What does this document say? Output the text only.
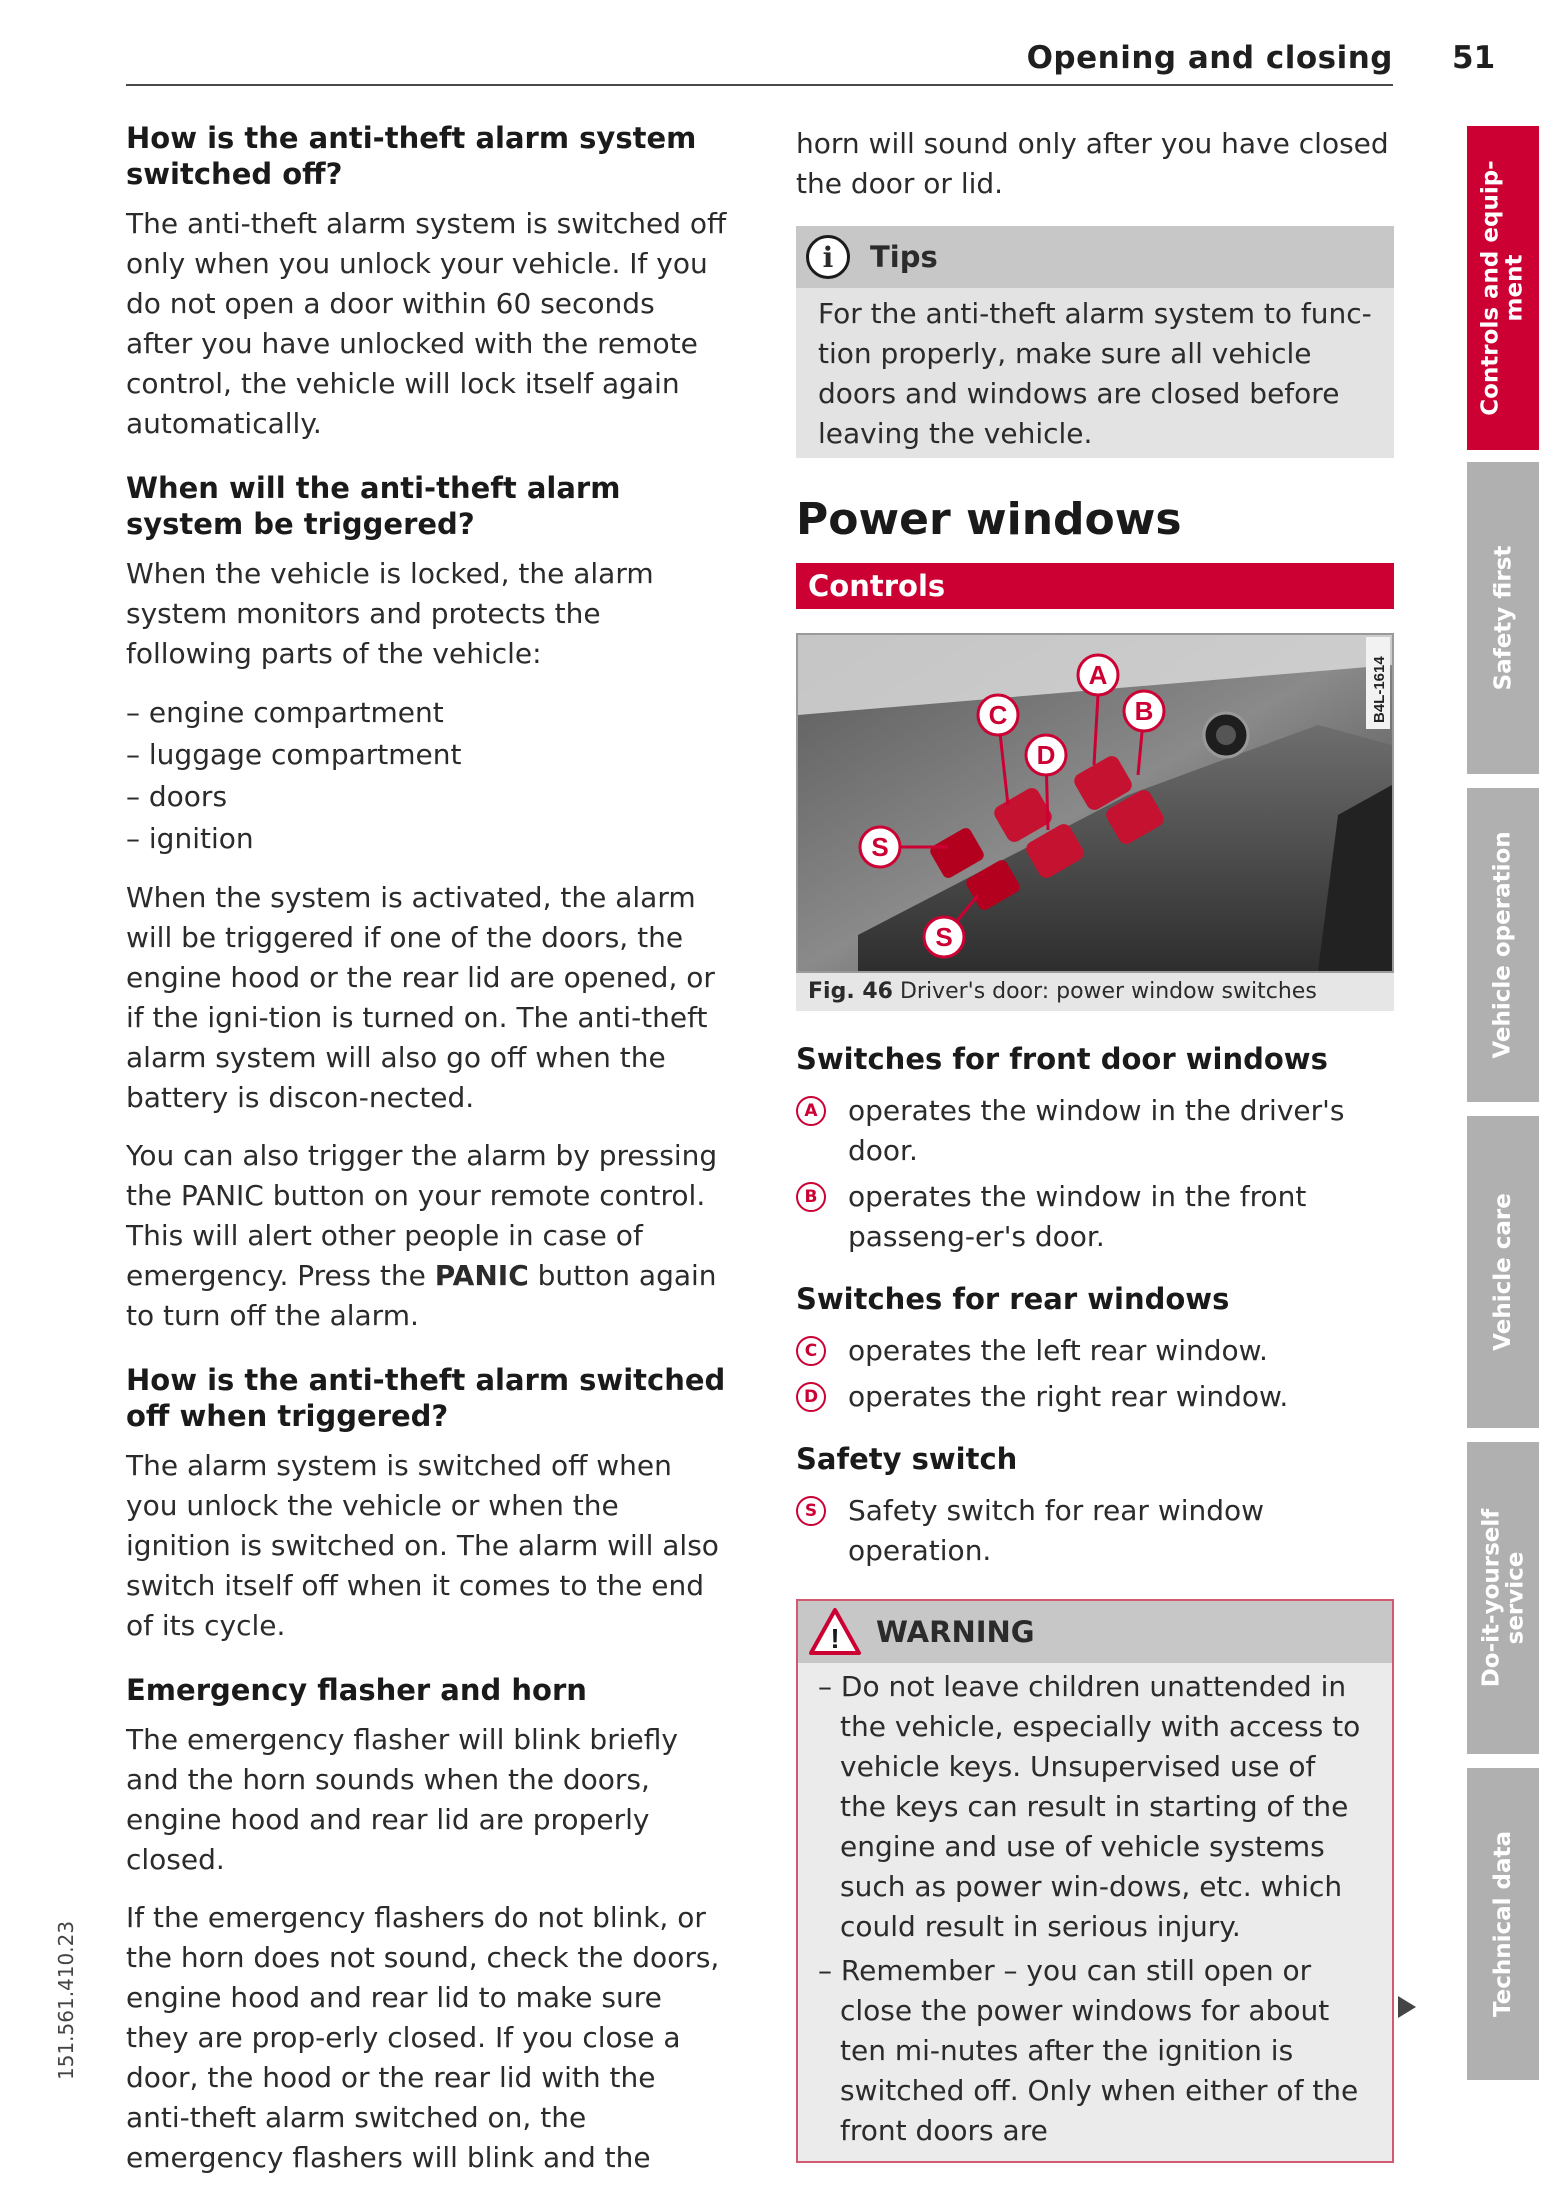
Opening and closing 51
How is the anti-theft alarm system switched off?
The anti-theft alarm system is switched off only when you unlock your vehicle. If you do not open a door within 60 seconds after you have unlocked with the remote control, the vehicle will lock itself again automatically.
When will the anti-theft alarm system be triggered?
When the vehicle is locked, the alarm system monitors and protects the following parts of the vehicle:
– engine compartment
– luggage compartment
– doors
– ignition
When the system is activated, the alarm will be triggered if one of the doors, the engine hood or the rear lid are opened, or if the igni-tion is turned on. The anti-theft alarm system will also go off when the battery is discon-nected.
You can also trigger the alarm by pressing the PANIC button on your remote control. This will alert other people in case of emergency. Press the PANIC button again to turn off the alarm.
How is the anti-theft alarm switched off when triggered?
The alarm system is switched off when you unlock the vehicle or when the ignition is switched on. The alarm will also switch itself off when it comes to the end of its cycle.
Emergency flasher and horn
The emergency flasher will blink briefly and the horn sounds when the doors, engine hood and rear lid are properly closed.
If the emergency flashers do not blink, or the horn does not sound, check the doors, engine hood and rear lid to make sure they are prop-erly closed. If you close a door, the hood or the rear lid with the anti-theft alarm switched on, the emergency flashers will blink and the
horn will sound only after you have closed the door or lid.
i	Tips
For the anti-theft alarm system to func-tion properly, make sure all vehicle doors and windows are closed before leaving the vehicle.
Power windows
Controls
A
B
C
D
S
S
B4L-1614
Fig. 46 Driver's door: power window switches
Switches for front door windows
A	operates the window in the driver's door.
B	operates the window in the front passeng-er's door.
Switches for rear windows
C	operates the left rear window.
D operates the right rear window.
Safety switch
S	Safety switch for rear window operation.
! WARNING
– Do not leave children unattended in the vehicle, especially with access to vehicle keys. Unsupervised use of the keys can result in starting of the engine and use of vehicle systems such as power win-dows, etc. which could result in serious injury.
– Remember – you can still open or close the power windows for about ten mi-nutes after the ignition is switched off. Only when either of the front doors are
Controls and equip-
ment
Safety first
Vehicle operation
Vehicle care
Do-it-yourself
service
Technical data
151.561.410.23
